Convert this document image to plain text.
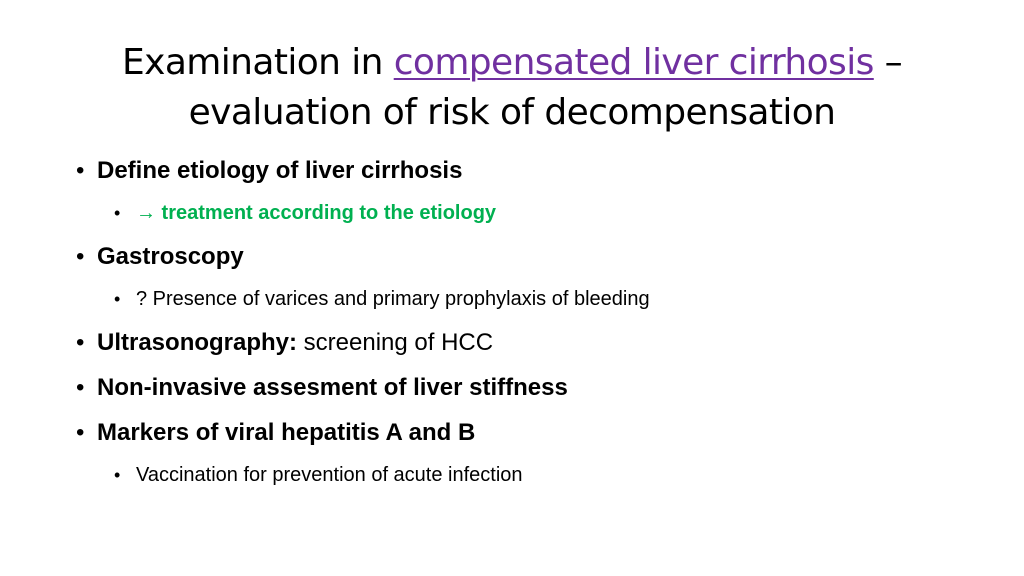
Examination in compensated liver cirrhosis –
evaluation of risk of decompensation
• Define etiology of liver cirrhosis
• → treatment according to the etiology
• Gastroscopy
• ? Presence of varices and primary prophylaxis of bleeding
• Ultrasonography: screening of HCC
• Non-invasive assesment of liver stiffness
• Markers of viral hepatitis A and B
• Vaccination for prevention of acute infection
